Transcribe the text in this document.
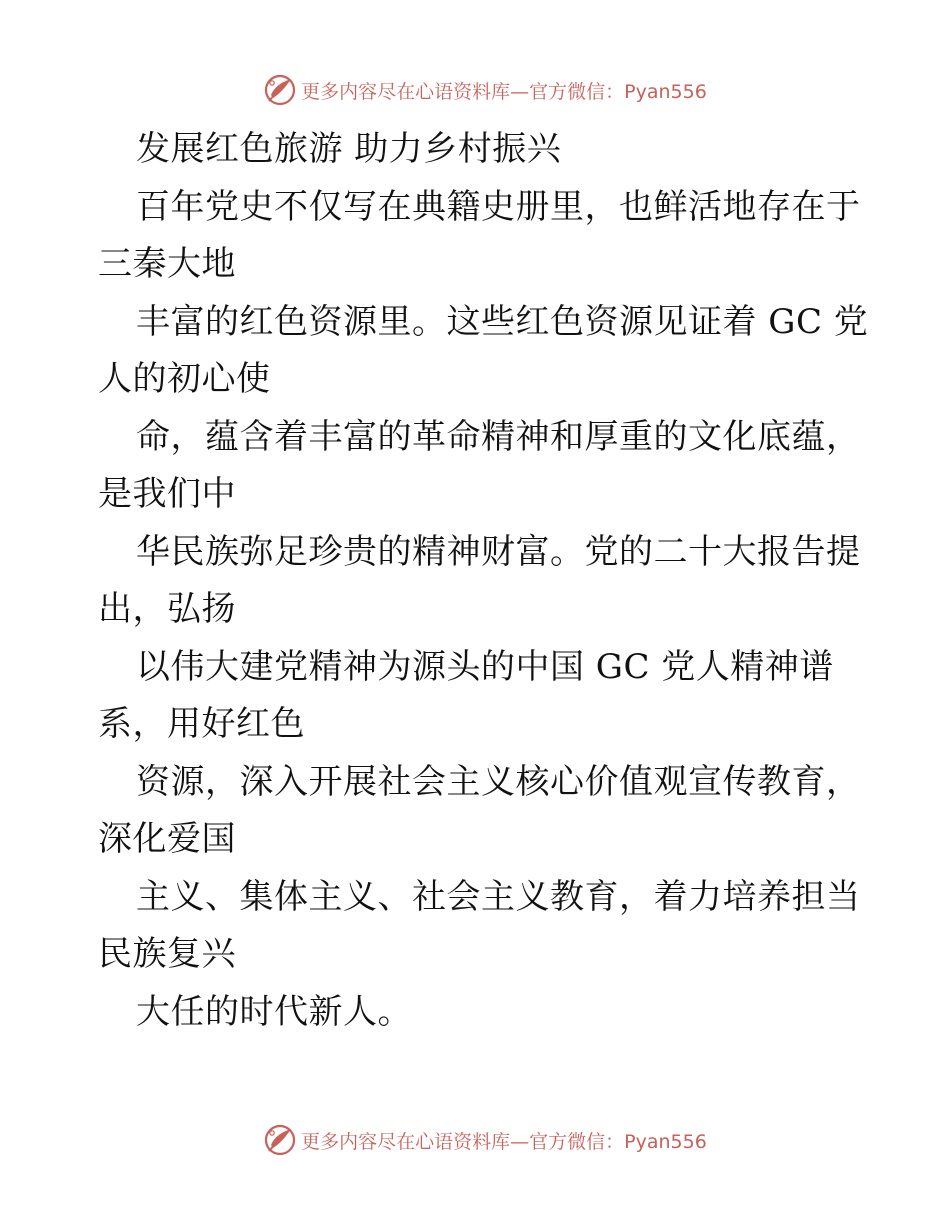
更多内容尽在心语资料库—官方微信：Pyan556
发展红色旅游 助力乡村振兴
百年党史不仅写在典籍史册里，也鲜活地存在于
三秦大地
丰富的红色资源里。这些红色资源见证着 GC 党
人的初心使
命，蕴含着丰富的革命精神和厚重的文化底蕴，
是我们中
华民族弥足珍贵的精神财富。党的二十大报告提
出，弘扬
以伟大建党精神为源头的中国 GC 党人精神谱
系，用好红色
资源，深入开展社会主义核心价值观宣传教育，
深化爱国
主义、集体主义、社会主义教育，着力培养担当
民族复兴
大任的时代新人。
更多内容尽在心语资料库—官方微信：Pyan556
